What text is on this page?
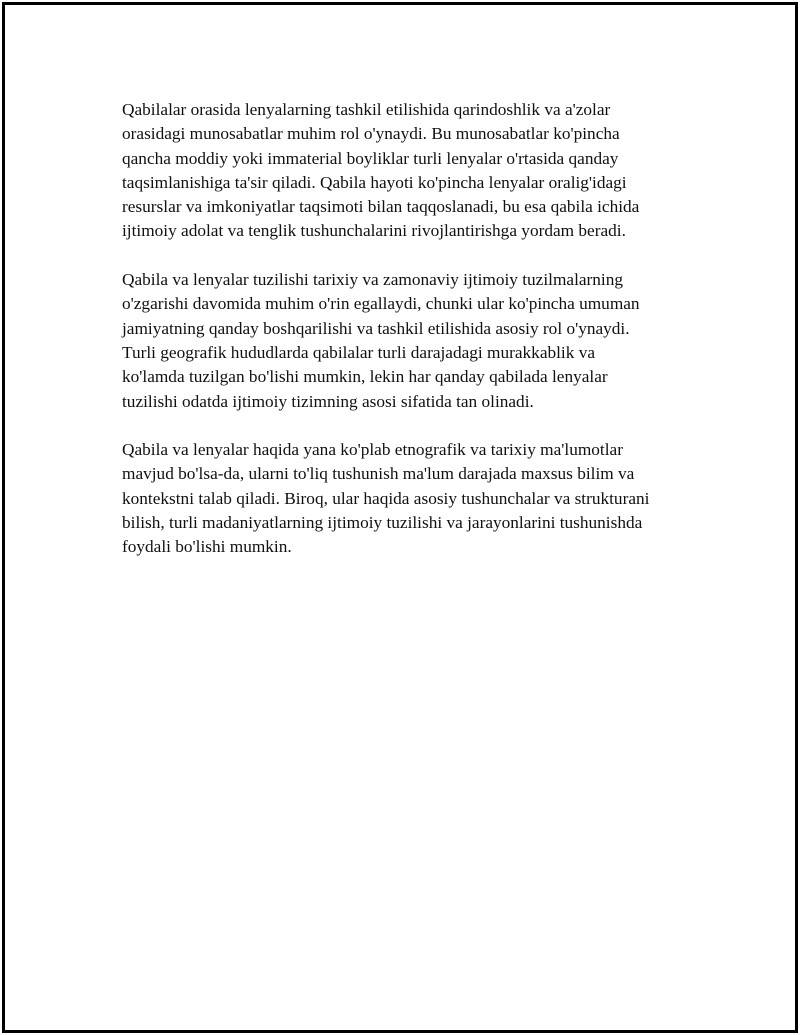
Qabilalar orasida lenyalarning tashkil etilishida qarindoshlik va a'zolar
orasidagi munosabatlar muhim rol o'ynaydi. Bu munosabatlar ko'pincha
qancha moddiy yoki immaterial boyliklar turli lenyalar o'rtasida qanday
taqsimlanishiga ta'sir qiladi. Qabila hayoti ko'pincha lenyalar oralig'idagi
resurslar va imkoniyatlar taqsimoti bilan taqqoslanadi, bu esa qabila ichida
ijtimoiy adolat va tenglik tushunchalarini rivojlantirishga yordam beradi.

Qabila va lenyalar tuzilishi tarixiy va zamonaviy ijtimoiy tuzilmalarning
o'zgarishi davomida muhim o'rin egallaydi, chunki ular ko'pincha umuman
jamiyatning qanday boshqarilishi va tashkil etilishida asosiy rol o'ynaydi.
Turli geografik hududlarda qabilalar turli darajadagi murakkablik va
ko'lamda tuzilgan bo'lishi mumkin, lekin har qanday qabilada lenyalar
tuzilishi odatda ijtimoiy tizimning asosi sifatida tan olinadi.

Qabila va lenyalar haqida yana ko'plab etnografik va tarixiy ma'lumotlar
mavjud bo'lsa-da, ularni to'liq tushunish ma'lum darajada maxsus bilim va
kontekstni talab qiladi. Biroq, ular haqida asosiy tushunchalar va strukturani
bilish, turli madaniyatlarning ijtimoiy tuzilishi va jarayonlarini tushunishda
foydali bo'lishi mumkin.
